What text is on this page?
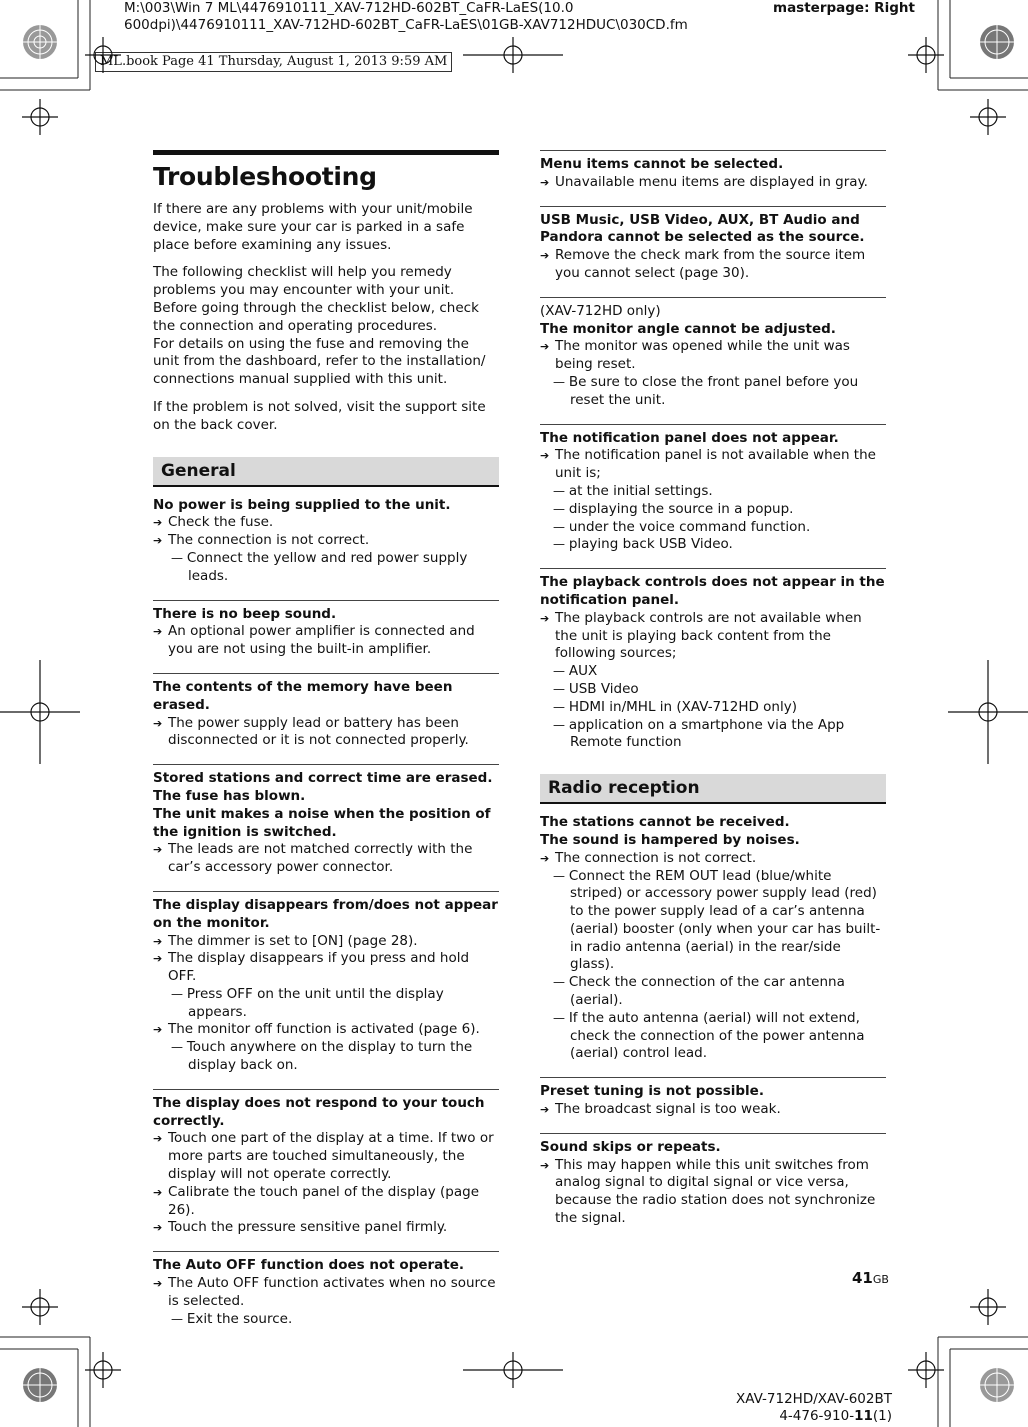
M:\003\Win 7 ML\4476910111_XAV-712HD-602BT_CaFR-LaES(10.0 600dpi)\4476910111_XAV-712HD-602BT_CaFR-LaES\01GB-XAV712HDUC\030CD.fm
masterpage: Right
ML.book Page 41 Thursday, August 1, 2013 9:59 AM
Troubleshooting

If there are any problems with your unit/mobile device, make sure your car is parked in a safe place before examining any issues.

The following checklist will help you remedy problems you may encounter with your unit.
Before going through the checklist below, check the connection and operating procedures.
For details on using the fuse and removing the unit from the dashboard, refer to the installation/ connections manual supplied with this unit.

If the problem is not solved, visit the support site on the back cover.

General
No power is being supplied to the unit.
➔Check the fuse.
➔The connection is not correct.
— Connect the yellow and red power supply leads.
There is no beep sound.
➔An optional power amplifier is connected and you are not using the built-in amplifier.
The contents of the memory have been erased.
➔The power supply lead or battery has been disconnected or it is not connected properly.
Stored stations and correct time are erased.
The fuse has blown.
The unit makes a noise when the position of the ignition is switched.
➔The leads are not matched correctly with the car’s accessory power connector.
The display disappears from/does not appear on the monitor.
➔The dimmer is set to [ON] (page 28).
➔The display disappears if you press and hold OFF.
— Press OFF on the unit until the display appears.
➔The monitor off function is activated (page 6).
— Touch anywhere on the display to turn the display back on.
The display does not respond to your touch correctly.
➔Touch one part of the display at a time. If two or more parts are touched simultaneously, the display will not operate correctly.
➔Calibrate the touch panel of the display (page 26).
➔Touch the pressure sensitive panel firmly.
The Auto OFF function does not operate.
➔The Auto OFF function activates when no source is selected.
— Exit the source.
Menu items cannot be selected.
➔Unavailable menu items are displayed in gray.
USB Music, USB Video, AUX, BT Audio and Pandora cannot be selected as the source.
➔Remove the check mark from the source item you cannot select (page 30).
(XAV-712HD only)
The monitor angle cannot be adjusted.
➔The monitor was opened while the unit was being reset.
— Be sure to close the front panel before you reset the unit.
The notification panel does not appear.
➔The notification panel is not available when the unit is;
— at the initial settings.
— displaying the source in a popup.
— under the voice command function.
— playing back USB Video.
The playback controls does not appear in the notification panel.
➔The playback controls are not available when the unit is playing back content from the following sources;
— AUX
— USB Video
— HDMI in/MHL in (XAV-712HD only)
— application on a smartphone via the App Remote function
Radio reception
The stations cannot be received.
The sound is hampered by noises.
➔The connection is not correct.
— Connect the REM OUT lead (blue/white striped) or accessory power supply lead (red) to the power supply lead of a car’s antenna (aerial) booster (only when your car has built-in radio antenna (aerial) in the rear/side glass).
— Check the connection of the car antenna (aerial).
— If the auto antenna (aerial) will not extend, check the connection of the power antenna (aerial) control lead.
Preset tuning is not possible.
➔The broadcast signal is too weak.
Sound skips or repeats.
➔This may happen while this unit switches from analog signal to digital signal or vice versa, because the radio station does not synchronize the signal.
41GB
XAV-712HD/XAV-602BT
4-476-910-11(1)
